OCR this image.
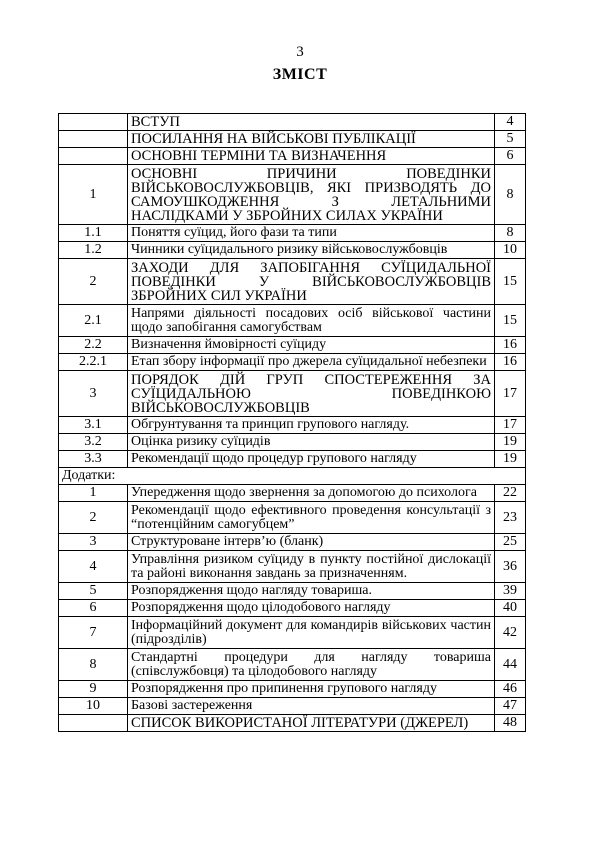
3
ЗМІСТ
	ВСТУП	4
	ПОСИЛАННЯ НА ВІЙСЬКОВІ ПУБЛІКАЦІЇ	5
	ОСНОВНІ ТЕРМІНИ ТА ВИЗНАЧЕННЯ	6
1	ОСНОВНІ ПРИЧИНИ ПОВЕДІНКИ ВІЙСЬКОВОСЛУЖБОВЦІВ, ЯКІ ПРИЗВОДЯТЬ ДО САМОУШКОДЖЕННЯ З ЛЕТАЛЬНИМИ НАСЛІДКАМИ У ЗБРОЙНИХ СИЛАХ УКРАЇНИ	8
1.1	Поняття суїцид, його фази та типи	8
1.2	Чинники суїцидального ризику військовослужбовців	10
2	ЗАХОДИ ДЛЯ ЗАПОБІГАННЯ СУЇЦИДАЛЬНОЇ ПОВЕДІНКИ У ВІЙСЬКОВОСЛУЖБОВЦІВ ЗБРОЙНИХ СИЛ УКРАЇНИ	15
2.1	Напрями діяльності посадових осіб військової частини щодо запобігання самогубствам	15
2.2	Визначення ймовірності суїциду	16
2.2.1	Етап збору інформації про джерела суїцидальної небезпеки	16
3	ПОРЯДОК ДІЙ ГРУП СПОСТЕРЕЖЕННЯ ЗА СУЇЦИДАЛЬНОЮ ПОВЕДІНКОЮ ВІЙСЬКОВОСЛУЖБОВЦІВ	17
3.1	Обгрунтування та принцип групового нагляду.	17
3.2	Оцінка ризику суїцидів	19
3.3	Рекомендації щодо процедур групового нагляду	19
Додатки:		
1	Упередження щодо звернення за допомогою до психолога	22
2	Рекомендації щодо ефективного проведення консультації з “потенційним самогубцем”	23
3	Структуроване інтерв’ю (бланк)	25
4	Управління ризиком суїциду в пункту постійної дислокації та районі виконання завдань за призначенням.	36
5	Розпорядження щодо нагляду товариша.	39
6	Розпорядження щодо цілодобового нагляду	40
7	Інформаційний документ для командирів військових частин (підрозділів)	42
8	Стандартні процедури для нагляду товариша (співслужбовця) та цілодобового нагляду	44
9	Розпорядження про припинення групового нагляду	46
10	Базові застереження	47
	СПИСОК ВИКОРИСТАНОЇ ЛІТЕРАТУРИ (ДЖЕРЕЛ)	48
